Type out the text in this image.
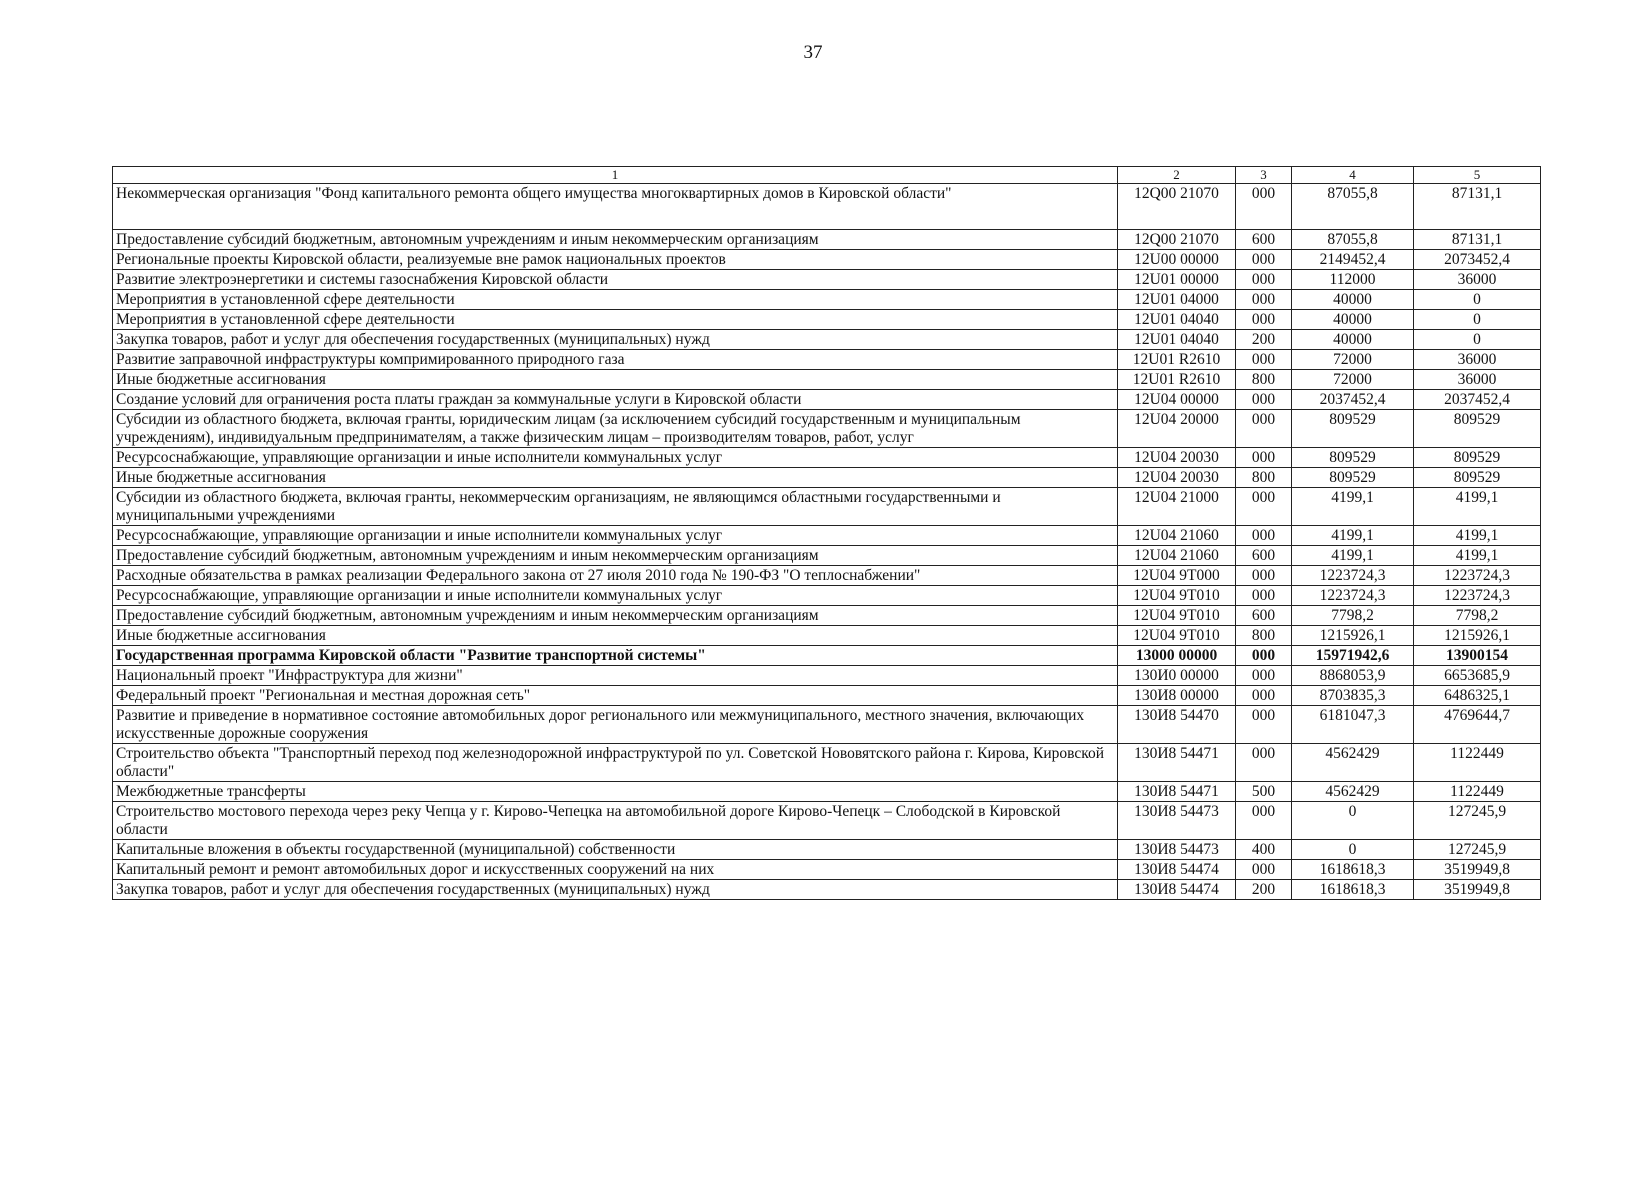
37
1	2	3	4	5
Некоммерческая организация "Фонд капитального ремонта общего имущества многоквартирных домов в Кировской области"	12Q00 21070	000	87055,8	87131,1
Предоставление субсидий бюджетным, автономным учреждениям и иным некоммерческим организациям	12Q00 21070	600	87055,8	87131,1
Региональные проекты Кировской области, реализуемые вне рамок национальных проектов	12U00 00000	000	2149452,4	2073452,4
Развитие электроэнергетики и системы газоснабжения Кировской области	12U01 00000	000	112000	36000
Мероприятия в установленной сфере деятельности	12U01 04000	000	40000	0
Мероприятия в установленной сфере деятельности	12U01 04040	000	40000	0
Закупка товаров, работ и услуг для обеспечения государственных (муниципальных) нужд	12U01 04040	200	40000	0
Развитие заправочной инфраструктуры компримированного природного газа	12U01 R2610	000	72000	36000
Иные бюджетные ассигнования	12U01 R2610	800	72000	36000
Создание условий для ограничения роста платы граждан за коммунальные услуги в Кировской области	12U04 00000	000	2037452,4	2037452,4
Субсидии из областного бюджета, включая гранты, юридическим лицам (за исключением субсидий государственным и муниципальным учреждениям), индивидуальным предпринимателям, а также физическим лицам – производителям товаров, работ, услуг	12U04 20000	000	809529	809529
Ресурсоснабжающие, управляющие организации и иные исполнители коммунальных услуг	12U04 20030	000	809529	809529
Иные бюджетные ассигнования	12U04 20030	800	809529	809529
Субсидии из областного бюджета, включая гранты, некоммерческим организациям, не являющимся областными государственными и муниципальными учреждениями	12U04 21000	000	4199,1	4199,1
Ресурсоснабжающие, управляющие организации и иные исполнители коммунальных услуг	12U04 21060	000	4199,1	4199,1
Предоставление субсидий бюджетным, автономным учреждениям и иным некоммерческим организациям	12U04 21060	600	4199,1	4199,1
Расходные обязательства в рамках реализации Федерального закона от 27 июля 2010 года № 190-ФЗ "О теплоснабжении"	12U04 9T000	000	1223724,3	1223724,3
Ресурсоснабжающие, управляющие организации и иные исполнители коммунальных услуг	12U04 9T010	000	1223724,3	1223724,3
Предоставление субсидий бюджетным, автономным учреждениям и иным некоммерческим организациям	12U04 9T010	600	7798,2	7798,2
Иные бюджетные ассигнования	12U04 9T010	800	1215926,1	1215926,1
Государственная программа Кировской области "Развитие транспортной системы"	13000 00000	000	15971942,6	13900154
Национальный проект "Инфраструктура для жизни"	130И0 00000	000	8868053,9	6653685,9
Федеральный проект "Региональная и местная дорожная сеть"	130И8 00000	000	8703835,3	6486325,1
Развитие и приведение в нормативное состояние автомобильных дорог регионального или межмуниципального, местного значения, включающих искусственные дорожные сооружения	130И8 54470	000	6181047,3	4769644,7
Строительство объекта "Транспортный переход под железнодорожной инфраструктурой по ул. Советской Нововятского района г. Кирова, Кировской области"	130И8 54471	000	4562429	1122449
Межбюджетные трансферты	130И8 54471	500	4562429	1122449
Строительство мостового перехода через реку Чепца у г. Кирово-Чепецка на автомобильной дороге Кирово-Чепецк – Слободской в Кировской области	130И8 54473	000	0	127245,9
Капитальные вложения в объекты государственной (муниципальной) собственности	130И8 54473	400	0	127245,9
Капитальный ремонт и ремонт автомобильных дорог и искусственных сооружений на них	130И8 54474	000	1618618,3	3519949,8
Закупка товаров, работ и услуг для обеспечения государственных (муниципальных) нужд	130И8 54474	200	1618618,3	3519949,8
